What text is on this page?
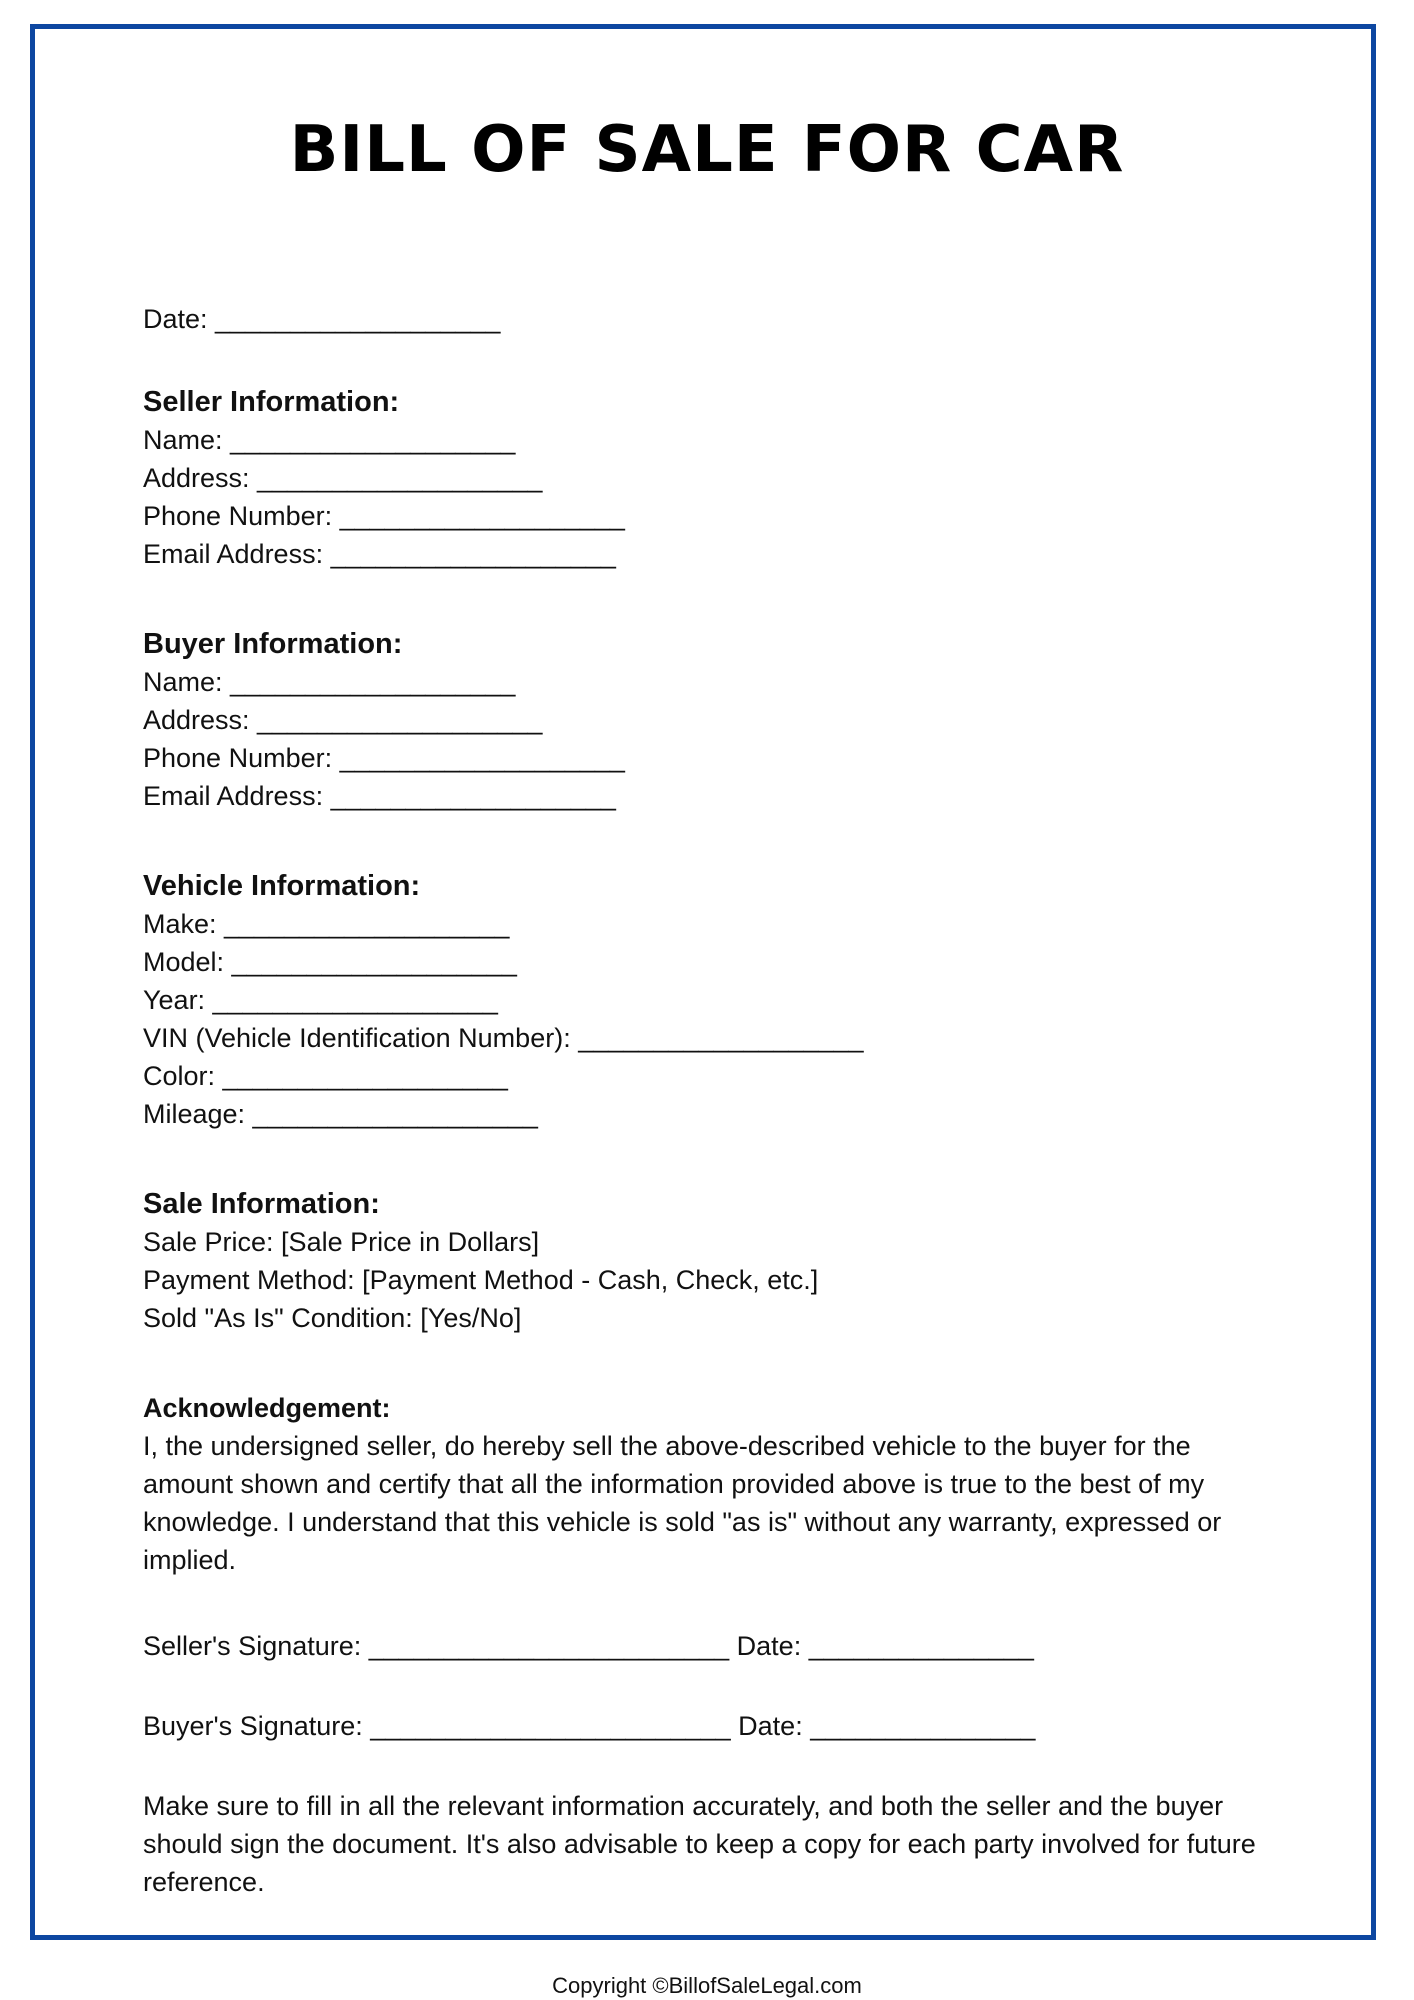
BILL OF SALE FOR CAR

Date: ___________________

Seller Information:

Name: ___________________

Address: ___________________

Phone Number: ___________________

Email Address: ___________________

Buyer Information:

Name: ___________________

Address: ___________________

Phone Number: ___________________

Email Address: ___________________

Vehicle Information:

Make: ___________________

Model: ___________________

Year: ___________________

VIN (Vehicle Identification Number): ___________________

Color: ___________________

Mileage: ___________________

Sale Information:

Sale Price: [Sale Price in Dollars]

Payment Method: [Payment Method - Cash, Check, etc.]

Sold "As Is" Condition: [Yes/No]

Acknowledgement:

I, the undersigned seller, do hereby sell the above-described vehicle to the buyer for the amount shown and certify that all the information provided above is true to the best of my knowledge. I understand that this vehicle is sold "as is" without any warranty, expressed or implied.

Seller's Signature: ________________________ Date: _______________

Buyer's Signature: ________________________ Date: _______________

Make sure to fill in all the relevant information accurately, and both the seller and the buyer should sign the document. It's also advisable to keep a copy for each party involved for future reference.

Copyright ©BillofSaleLegal.com
